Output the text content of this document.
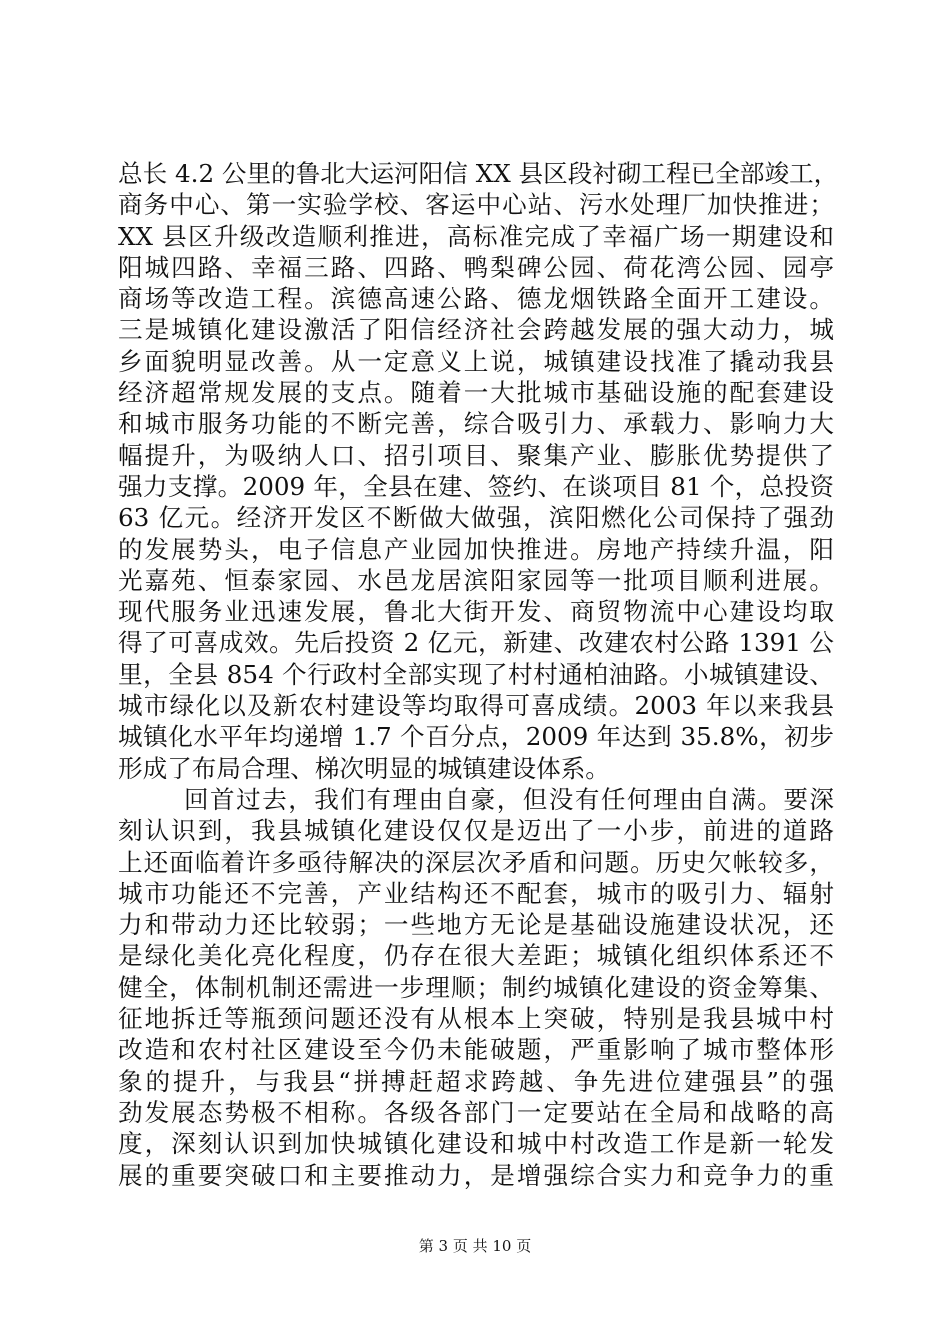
总长 4.2 公里的鲁北大运河阳信 XX 县区段衬砌工程已全部竣工，
商务中心、第一实验学校、客运中心站、污水处理厂加快推进；
XX 县区升级改造顺利推进，高标准完成了幸福广场一期建设和
阳城四路、幸福三路、四路、鸭梨碑公园、荷花湾公园、园亭
商场等改造工程。滨德高速公路、德龙烟铁路全面开工建设。
三是城镇化建设激活了阳信经济社会跨越发展的强大动力，城
乡面貌明显改善。从一定意义上说，城镇建设找准了撬动我县
经济超常规发展的支点。随着一大批城市基础设施的配套建设
和城市服务功能的不断完善，综合吸引力、承载力、影响力大
幅提升，为吸纳人口、招引项目、聚集产业、膨胀优势提供了
强力支撑。2009 年，全县在建、签约、在谈项目 81 个，总投资
63 亿元。经济开发区不断做大做强，滨阳燃化公司保持了强劲
的发展势头，电子信息产业园加快推进。房地产持续升温，阳
光嘉苑、恒泰家园、水邑龙居滨阳家园等一批项目顺利进展。
现代服务业迅速发展，鲁北大街开发、商贸物流中心建设均取
得了可喜成效。先后投资 2 亿元，新建、改建农村公路 1391 公
里，全县 854 个行政村全部实现了村村通柏油路。小城镇建设、
城市绿化以及新农村建设等均取得可喜成绩。2003 年以来我县
城镇化水平年均递增 1.7 个百分点，2009 年达到 35.8%，初步
形成了布局合理、梯次明显的城镇建设体系。
回首过去，我们有理由自豪，但没有任何理由自满。要深
刻认识到，我县城镇化建设仅仅是迈出了一小步，前进的道路
上还面临着许多亟待解决的深层次矛盾和问题。历史欠帐较多，
城市功能还不完善，产业结构还不配套，城市的吸引力、辐射
力和带动力还比较弱；一些地方无论是基础设施建设状况，还
是绿化美化亮化程度，仍存在很大差距；城镇化组织体系还不
健全，体制机制还需进一步理顺；制约城镇化建设的资金筹集、
征地拆迁等瓶颈问题还没有从根本上突破，特别是我县城中村
改造和农村社区建设至今仍未能破题，严重影响了城市整体形
象的提升，与我县“拼搏赶超求跨越、争先进位建强县”的强
劲发展态势极不相称。各级各部门一定要站在全局和战略的高
度，深刻认识到加快城镇化建设和城中村改造工作是新一轮发
展的重要突破口和主要推动力，是增强综合实力和竞争力的重
第 3 页 共 10 页
